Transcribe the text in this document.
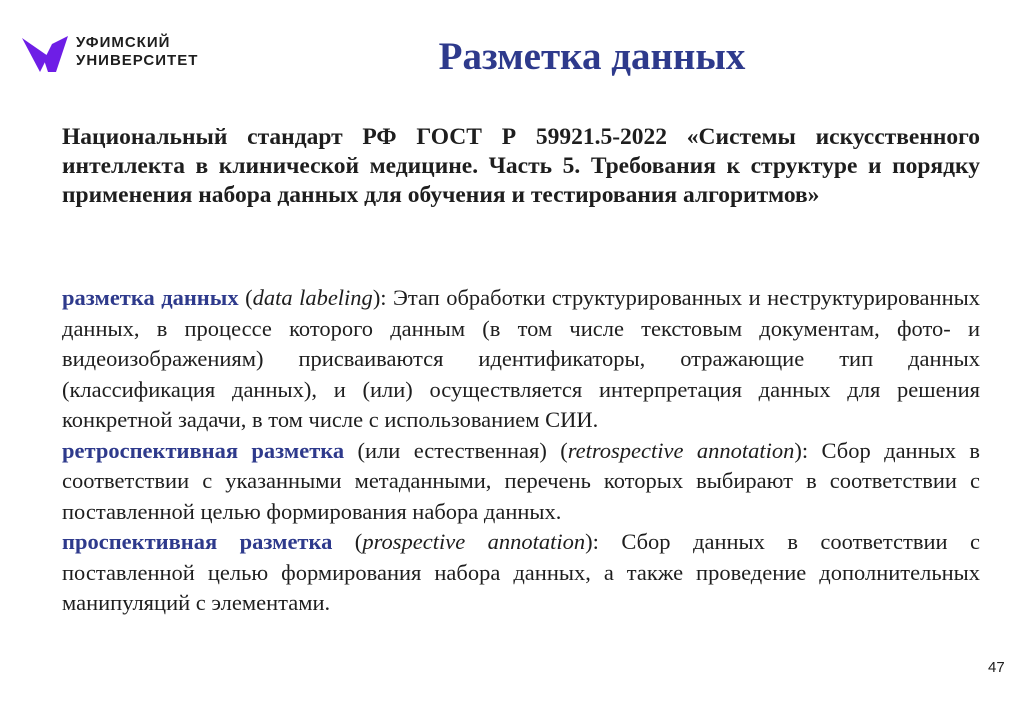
УФИМСКИЙ
УНИВЕРСИТЕТ	Разметка данных

Национальный стандарт РФ ГОСТ Р 59921.5-2022 «Системы искусственного интеллекта в клинической медицине. Часть 5. Требования к структуре и порядку применения набора данных для обучения и тестирования алгоритмов»

разметка данных (data labeling): Этап обработки структурированных и неструктурированных данных, в процессе которого данным (в том числе текстовым документам, фото- и видеоизображениям) присваиваются идентификаторы, отражающие тип данных (классификация данных), и (или) осуществляется интерпретация данных для решения конкретной задачи, в том числе с использованием СИИ.

ретроспективная разметка (или естественная) (retrospective annotation): Сбор данных в соответствии с указанными метаданными, перечень которых выбирают в соответствии с поставленной целью формирования набора данных.

проспективная разметка (prospective annotation): Сбор данных в соответствии с поставленной целью формирования набора данных, а также проведение дополнительных манипуляций с элементами.

47
